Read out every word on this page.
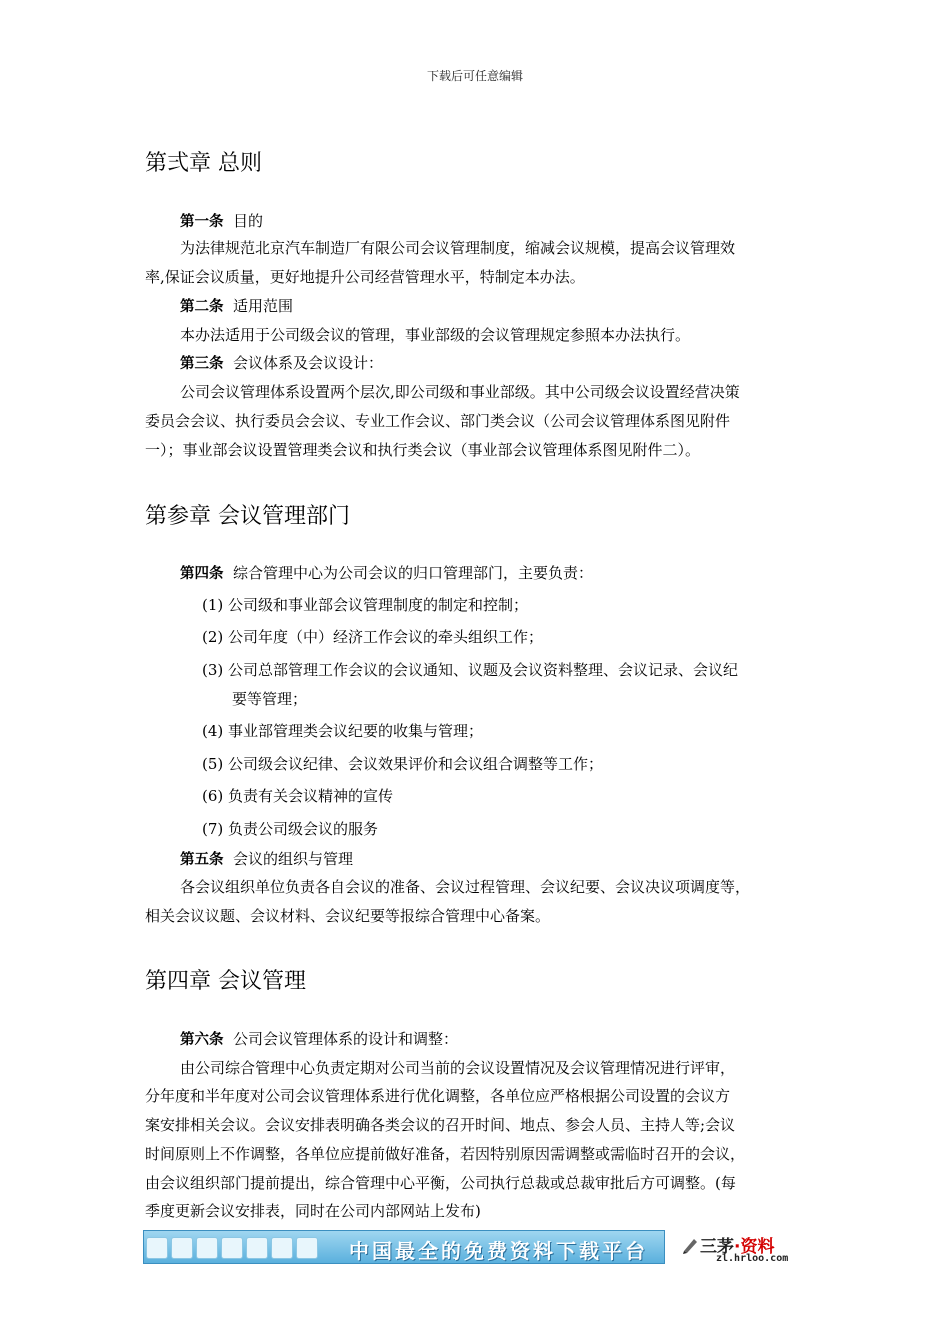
下载后可任意编辑
第弍章 总则
第一条 目的
为法律规范北京汽车制造厂有限公司会议管理制度，缩减会议规模，提高会议管理效
率,保证会议质量，更好地提升公司经营管理水平，特制定本办法。
第二条 适用范围
本办法适用于公司级会议的管理，事业部级的会议管理规定参照本办法执行。
第三条 会议体系及会议设计：
公司会议管理体系设置两个层次,即公司级和事业部级。其中公司级会议设置经营决策
委员会会议、执行委员会会议、专业工作会议、部门类会议（公司会议管理体系图见附件
一）；事业部会议设置管理类会议和执行类会议（事业部会议管理体系图见附件二）。
第参章 会议管理部门
第四条 综合管理中心为公司会议的归口管理部门，主要负责：
(1) 公司级和事业部会议管理制度的制定和控制；
(2) 公司年度（中）经济工作会议的牵头组织工作；
(3) 公司总部管理工作会议的会议通知、议题及会议资料整理、会议记录、会议纪
要等管理；
(4) 事业部管理类会议纪要的收集与管理；
(5) 公司级会议纪律、会议效果评价和会议组合调整等工作；
(6) 负责有关会议精神的宣传
(7) 负责公司级会议的服务
第五条 会议的组织与管理
各会议组织单位负责各自会议的准备、会议过程管理、会议纪要、会议决议项调度等，
相关会议议题、会议材料、会议纪要等报综合管理中心备案。
第四章 会议管理
第六条 公司会议管理体系的设计和调整：
由公司综合管理中心负责定期对公司当前的会议设置情况及会议管理情况进行评审，
分年度和半年度对公司会议管理体系进行优化调整，各单位应严格根据公司设置的会议方
案安排相关会议。会议安排表明确各类会议的召开时间、地点、参会人员、主持人等;会议
时间原则上不作调整，各单位应提前做好准备，若因特别原因需调整或需临时召开的会议，
由会议组织部门提前提出，综合管理中心平衡，公司执行总裁或总裁审批后方可调整。(每
季度更新会议安排表，同时在公司内部网站上发布)
中国最全的免费资料下载平台	三茅·资料
zl.hrloo.com
